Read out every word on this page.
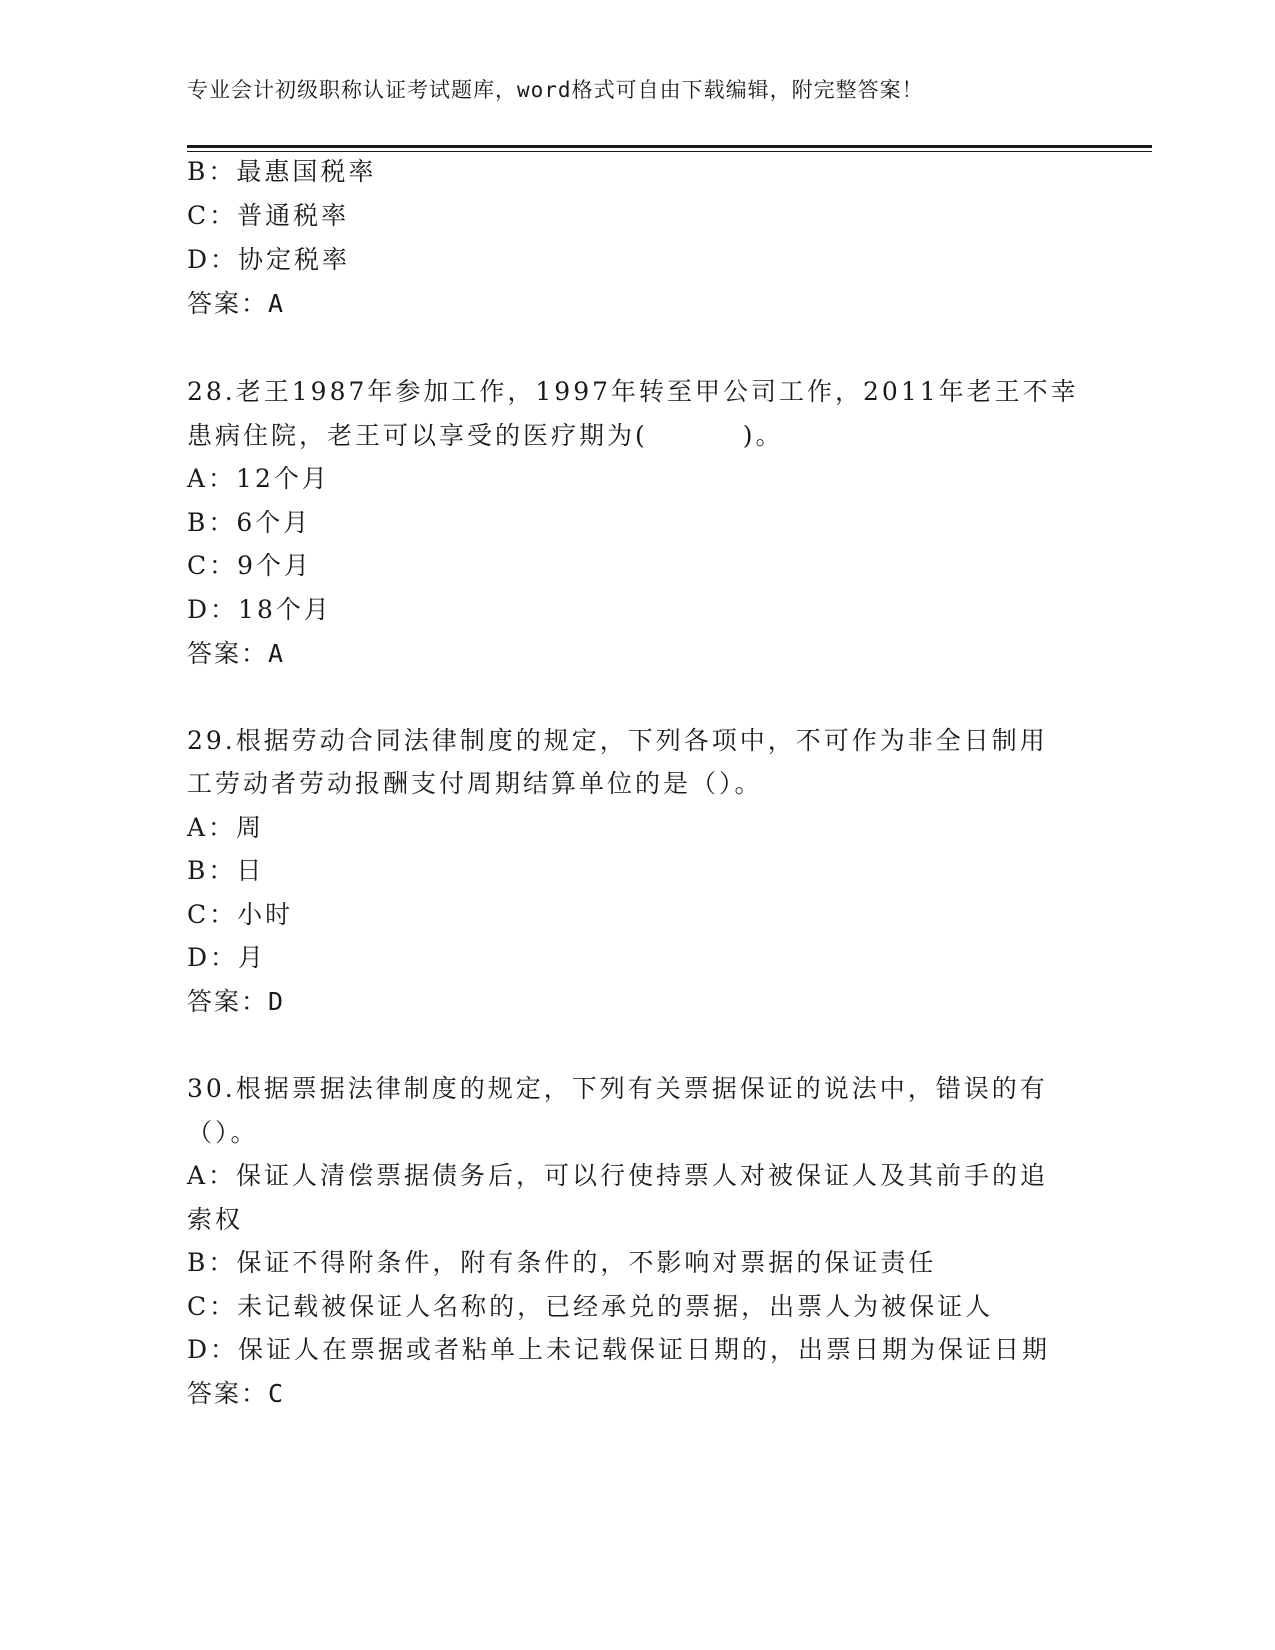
专业会计初级职称认证考试题库，word格式可自由下载编辑，附完整答案！
B：最惠国税率
C：普通税率
D：协定税率
答案：A
28.老王1987年参加工作，1997年转至甲公司工作，2011年老王不幸
患病住院，老王可以享受的医疗期为(	)。
A：12个月
B：6个月
C：9个月
D：18个月
答案：A
29.根据劳动合同法律制度的规定，下列各项中，不可作为非全日制用
工劳动者劳动报酬支付周期结算单位的是（）。
A：周
B：日
C：小时
D：月
答案：D
30.根据票据法律制度的规定，下列有关票据保证的说法中，错误的有
（）。
A：保证人清偿票据债务后，可以行使持票人对被保证人及其前手的追
索权
B：保证不得附条件，附有条件的，不影响对票据的保证责任
C：未记载被保证人名称的，已经承兑的票据，出票人为被保证人
D：保证人在票据或者粘单上未记载保证日期的，出票日期为保证日期
答案：C
